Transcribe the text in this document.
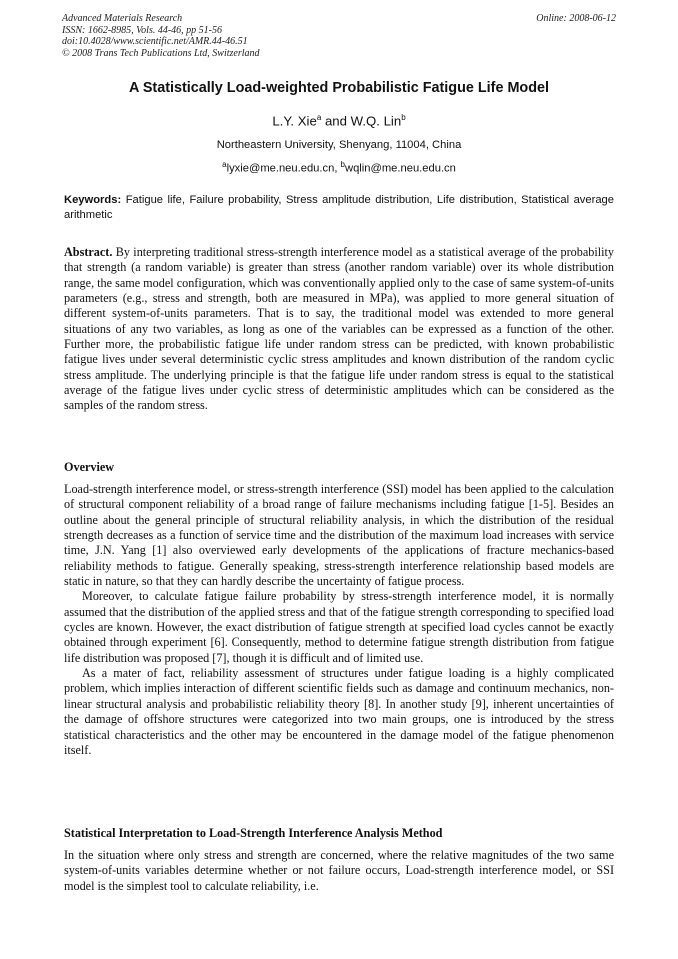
Advanced Materials Research
ISSN: 1662-8985, Vols. 44-46, pp 51-56
doi:10.4028/www.scientific.net/AMR.44-46.51
© 2008 Trans Tech Publications Ltd, Switzerland
Online: 2008-06-12
A Statistically Load-weighted Probabilistic Fatigue Life Model
L.Y. Xie$^a$ and W.Q. Lin$^b$
Northeastern University, Shenyang, 11004, China
$^a$lyxie@me.neu.edu.cn, $^b$wqlin@me.neu.edu.cn
Keywords: Fatigue life, Failure probability, Stress amplitude distribution, Life distribution, Statistical average arithmetic

Abstract. By interpreting traditional stress-strength interference model as a statistical average of the probability that strength (a random variable) is greater than stress (another random variable) over its whole distribution range, the same model configuration, which was conventionally applied only to the case of same system-of-units parameters (e.g., stress and strength, both are measured in MPa), was applied to more general situation of different system-of-units parameters. That is to say, the traditional model was extended to more general situations of any two variables, as long as one of the variables can be expressed as a function of the other. Further more, the probabilistic fatigue life under random stress can be predicted, with known probabilistic fatigue lives under several deterministic cyclic stress amplitudes and known distribution of the random cyclic stress amplitude. The underlying principle is that the fatigue life under random stress is equal to the statistical average of the fatigue lives under cyclic stress of deterministic amplitudes which can be considered as the samples of the random stress.

Overview

Load-strength interference model, or stress-strength interference (SSI) model has been applied to the calculation of structural component reliability of a broad range of failure mechanisms including fatigue [1-5]. Besides an outline about the general principle of structural reliability analysis, in which the distribution of the residual strength decreases as a function of service time and the distribution of the maximum load increases with service time, J.N. Yang [1] also overviewed early developments of the applications of fracture mechanics-based reliability methods to fatigue. Generally speaking, stress-strength interference relationship based models are static in nature, so that they can hardly describe the uncertainty of fatigue process.

Moreover, to calculate fatigue failure probability by stress-strength interference model, it is normally assumed that the distribution of the applied stress and that of the fatigue strength corresponding to specified load cycles are known. However, the exact distribution of fatigue strength at specified load cycles cannot be exactly obtained through experiment [6]. Consequently, method to determine fatigue strength distribution from fatigue life distribution was proposed [7], though it is difficult and of limited use.

As a mater of fact, reliability assessment of structures under fatigue loading is a highly complicated problem, which implies interaction of different scientific fields such as damage and continuum mechanics, non-linear structural analysis and probabilistic reliability theory [8]. In another study [9], inherent uncertainties of the damage of offshore structures were categorized into two main groups, one is introduced by the stress statistical characteristics and the other may be encountered in the damage model of the fatigue phenomenon itself.

Statistical Interpretation to Load-Strength Interference Analysis Method

In the situation where only stress and strength are concerned, where the relative magnitudes of the two same system-of-units variables determine whether or not failure occurs, Load-strength interference model, or SSI model is the simplest tool to calculate reliability, i.e.
